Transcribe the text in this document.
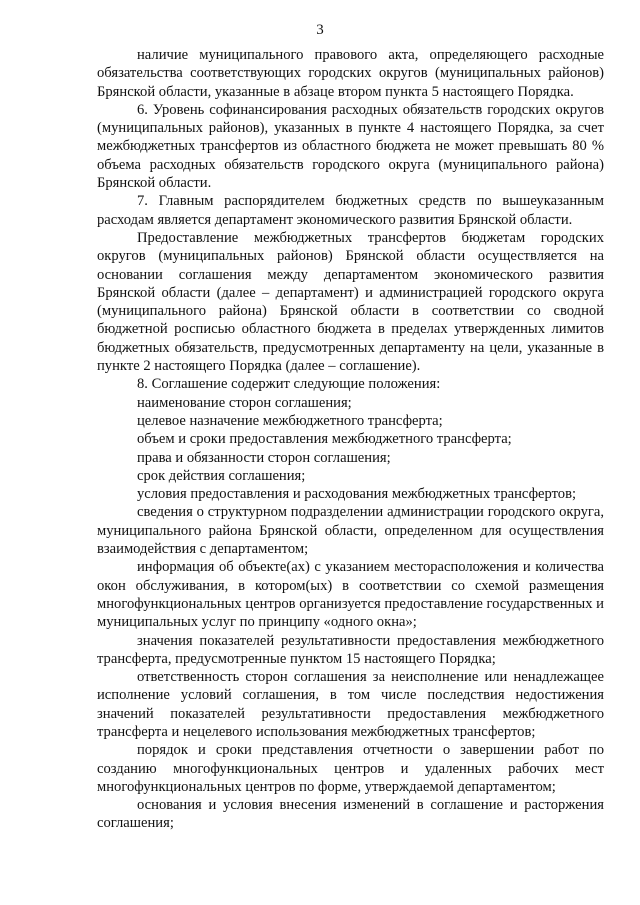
3

наличие муниципального правового акта, определяющего расходные обязательства соответствующих городских округов (муниципальных районов) Брянской области, указанные в абзаце втором пункта 5 настоящего Порядка.

6. Уровень софинансирования расходных обязательств городских округов (муниципальных районов), указанных в пункте 4 настоящего Порядка, за счет межбюджетных трансфертов из областного бюджета не может превышать 80 % объема расходных обязательств городского округа (муниципального района) Брянской области.

7. Главным распорядителем бюджетных средств по вышеуказанным расходам является департамент экономического развития Брянской области.

Предоставление межбюджетных трансфертов бюджетам городских округов (муниципальных районов) Брянской области осуществляется на основании соглашения между департаментом экономического развития Брянской области (далее – департамент) и администрацией городского округа (муниципального района) Брянской области в соответствии со сводной бюджетной росписью областного бюджета в пределах утвержденных лимитов бюджетных обязательств, предусмотренных департаменту на цели, указанные в пункте 2 настоящего Порядка (далее – соглашение).

8. Соглашение содержит следующие положения:

наименование сторон соглашения;

целевое назначение межбюджетного трансферта;

объем и сроки предоставления межбюджетного трансферта;

права и обязанности сторон соглашения;

срок действия соглашения;

условия предоставления и расходования межбюджетных трансфертов;

сведения о структурном подразделении администрации городского округа, муниципального района Брянской области, определенном для осуществления взаимодействия с департаментом;

информация об объекте(ах) с указанием месторасположения и количества окон обслуживания, в котором(ых) в соответствии со схемой размещения многофункциональных центров организуется предоставление государственных и муниципальных услуг по принципу «одного окна»;

значения показателей результативности предоставления межбюджетного трансферта, предусмотренные пунктом 15 настоящего Порядка;

ответственность сторон соглашения за неисполнение или ненадлежащее исполнение условий соглашения, в том числе последствия недостижения значений показателей результативности предоставления межбюджетного трансферта и нецелевого использования межбюджетных трансфертов;

порядок и сроки представления отчетности о завершении работ по созданию многофункциональных центров и удаленных рабочих мест многофункциональных центров по форме, утверждаемой департаментом;

основания и условия внесения изменений в соглашение и расторжения соглашения;
